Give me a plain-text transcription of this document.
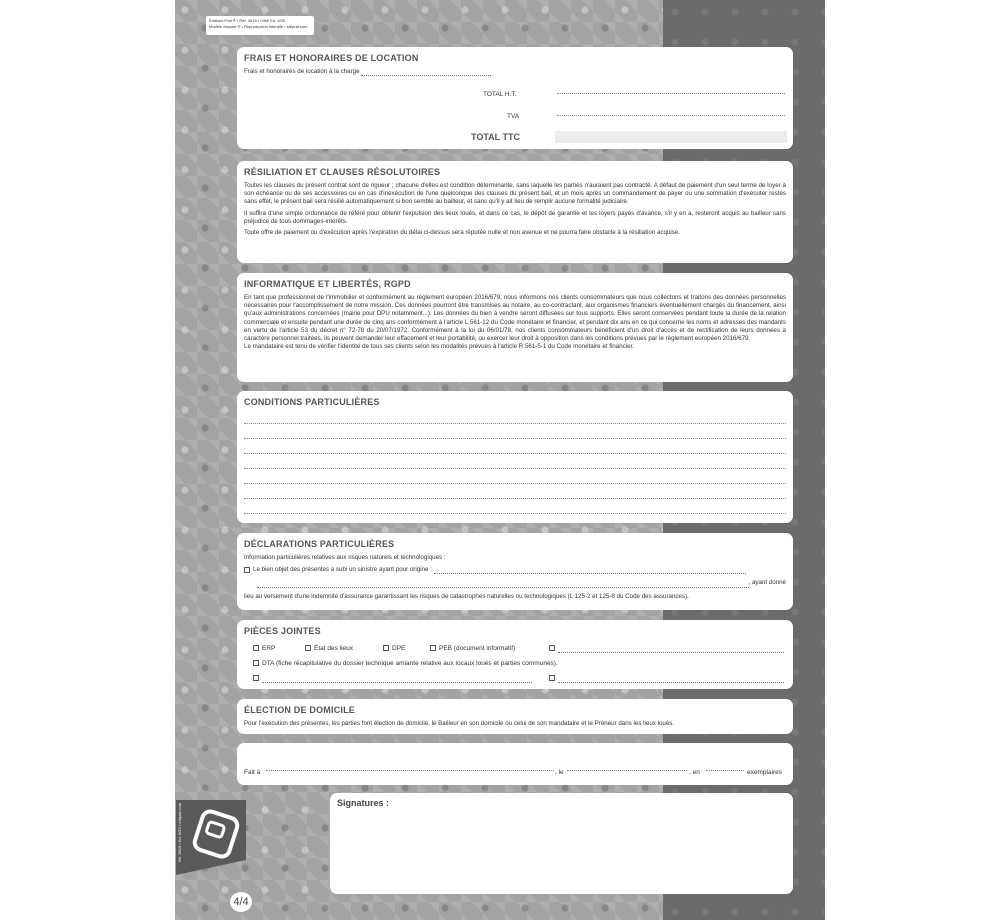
Éditions Prat ® • Réf. 3615 • Offre Ed. 6/20
Modèle déposé ® • Reproduction interdite • edipral.com
FRAIS ET HONORAIRES DE LOCATION
Frais et honoraires de location à la charge
TOTAL H.T.
TVA
TOTAL TTC
RÉSILIATION ET CLAUSES RÉSOLUTOIRES

Toutes les clauses du présent contrat sont de rigueur ; chacune d'elles est condition déterminante, sans laquelle les parties n'auraient pas contracté. A défaut de paiement d'un seul terme de loyer à son échéance ou de ses accessoires ou en cas d'inexécution de l'une quelconque des clauses du présent bail, et un mois après un commandement de payer ou une sommation d'exécuter restés sans effet, le présent bail sera résilié automatiquement si bon semble au bailleur, et sans qu'il y ait lieu de remplir aucune formalité judiciaire.

Il suffira d'une simple ordonnance de référé pour obtenir l'expulsion des lieux loués, et dans ce cas, le dépôt de garantie et les loyers payés d'avance, s'il y en a, resteront acquis au bailleur sans préjudice de tous dommages-intérêts.

Toute offre de paiement ou d'exécution après l'expiration du délai ci-dessus sera réputée nulle et non avenue et ne pourra faire obstacle à la résiliation acquise.

INFORMATIQUE ET LIBERTÉS, RGPD

En tant que professionnel de l'immobilier et conformément au règlement européen 2016/679, nous informons nos clients consommateurs que nous collectons et traitons des données personnelles nécessaires pour l'accomplissement de notre mission. Ces données pourront être transmises au notaire, au co-contractant, aux organismes financiers éventuellement chargés du financement, ainsi qu'aux administrations concernées (mairie pour DPU notamment...). Les données du bien à vendre seront diffusées sur tous supports. Elles seront conservées pendant toute la durée de la relation commerciale et ensuite pendant une durée de cinq ans conformément à l'article L 561-12 du Code monétaire et financier, et pendant dix ans en ce qui concerne les noms et adresses des mandants en vertu de l'article 53 du décret n° 72-78 du 20/07/1972. Conformément à la loi du 06/01/78, nos clients consommateurs bénéficient d'un droit d'accès et de rectification de leurs données à caractère personnel traitées, ils peuvent demander leur effacement et leur portabilité, ou exercer leur droit à opposition dans les conditions prévues par le règlement européen 2016/679.

Le mandataire est tenu de vérifier l'identité de tous ses clients selon les modalités prévues à l'article R 561-5-1 du Code monétaire et financier.

CONDITIONS PARTICULIÈRES
DÉCLARATIONS PARTICULIÈRES
Information particulières relatives aux risques naturels et technologiques :
Le bien objet des présentes a subi un sinistre ayant pour origine :
, ayant donné
lieu au versement d'une indemnité d'assurance garantissant les risques de catastrophes naturelles ou technologiques (L 125-2 et 125-8 du Code des assurances).
PIÈCES JOINTES
ERP	État des lieux	DPE	PEB (document informatif)
DTA (fiche récapitulative du dossier technique amiante relative aux locaux loués et parties communes).
ÉLECTION DE DOMICILE
Pour l'exécution des présentes, les parties font élection de domicile, le Bailleur en son domicile ou celui de son mandataire et le Preneur dans les lieux loués.
Fait à	, le	, en	exemplaires
Signatures :
Ré. 3615 • Ed. 6/20 • edipral.com
4/4
